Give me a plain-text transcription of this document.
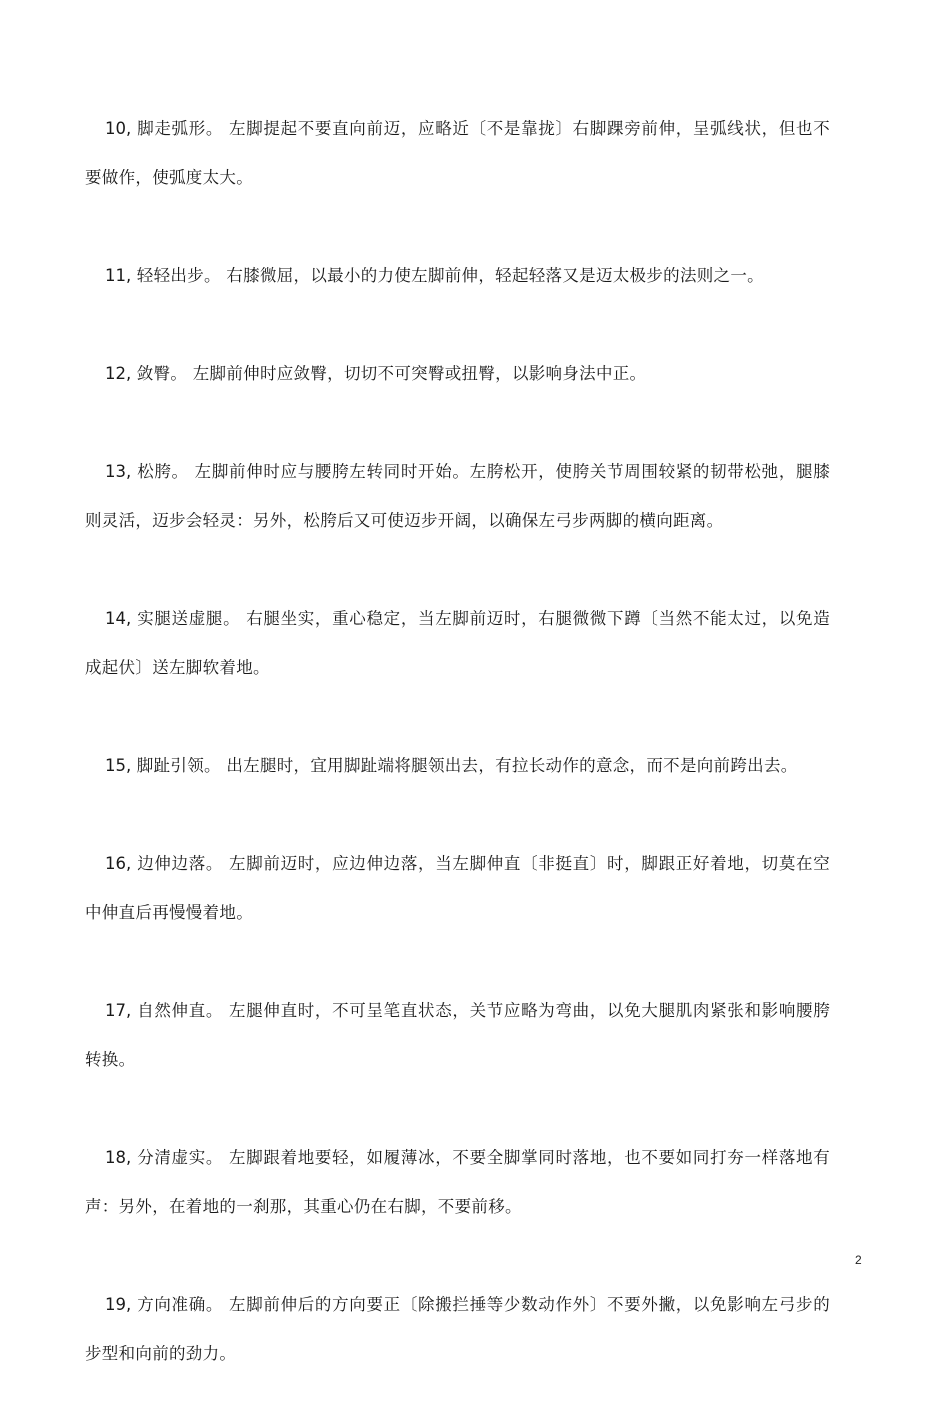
10, 脚走弧形。 左脚提起不要直向前迈，应略近〔不是靠拢〕右脚踝旁前伸，呈弧线状，但也不要做作，使弧度太大。

11, 轻轻出步。 右膝微屈，以最小的力使左脚前伸，轻起轻落又是迈太极步的法则之一。

12, 敛臀。 左脚前伸时应敛臀，切切不可突臀或扭臀，以影响身法中正。

13, 松胯。 左脚前伸时应与腰胯左转同时开始。左胯松开，使胯关节周围较紧的韧带松弛，腿膝则灵活，迈步会轻灵：另外，松胯后又可使迈步开阔，以确保左弓步两脚的横向距离。

14, 实腿送虚腿。 右腿坐实，重心稳定，当左脚前迈时，右腿微微下蹲〔当然不能太过，以免造成起伏〕送左脚软着地。

15, 脚趾引领。 出左腿时，宜用脚趾端将腿领出去，有拉长动作的意念，而不是向前跨出去。

16, 边伸边落。 左脚前迈时，应边伸边落，当左脚伸直〔非挺直〕时，脚跟正好着地，切莫在空中伸直后再慢慢着地。

17, 自然伸直。 左腿伸直时，不可呈笔直状态，关节应略为弯曲，以免大腿肌肉紧张和影响腰胯转换。

18, 分清虚实。 左脚跟着地要轻，如履薄冰，不要全脚掌同时落地，也不要如同打夯一样落地有声：另外，在着地的一刹那，其重心仍在右脚，不要前移。

19, 方向准确。 左脚前伸后的方向要正〔除搬拦捶等少数动作外〕不要外撇，以免影响左弓步的步型和向前的劲力。

2
